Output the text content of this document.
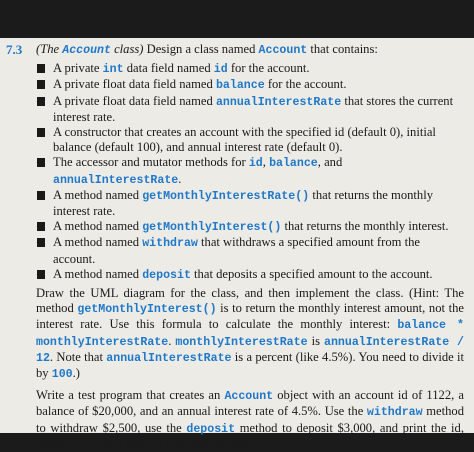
7.3 (The Account class) Design a class named Account that contains:
A private int data field named id for the account.
A private float data field named balance for the account.
A private float data field named annualInterestRate that stores the current interest rate.
A constructor that creates an account with the specified id (default 0), initial balance (default 100), and annual interest rate (default 0).
The accessor and mutator methods for id, balance, and annualInterestRate.
A method named getMonthlyInterestRate() that returns the monthly interest rate.
A method named getMonthlyInterest() that returns the monthly interest.
A method named withdraw that withdraws a specified amount from the account.
A method named deposit that deposits a specified amount to the account.

Draw the UML diagram for the class, and then implement the class. (Hint: The method getMonthlyInterest() is to return the monthly interest amount, not the interest rate. Use this formula to calculate the monthly interest: balance * monthlyInterestRate. monthlyInterestRate is annualInterestRate / 12. Note that annualInterestRate is a percent (like 4.5%). You need to divide it by 100.)

Write a test program that creates an Account object with an account id of 1122, a balance of $20,000, and an annual interest rate of 4.5%. Use the withdraw method to withdraw $2,500, use the deposit method to deposit $3,000, and print the id, balance, monthly interest rate, and monthly interest.
